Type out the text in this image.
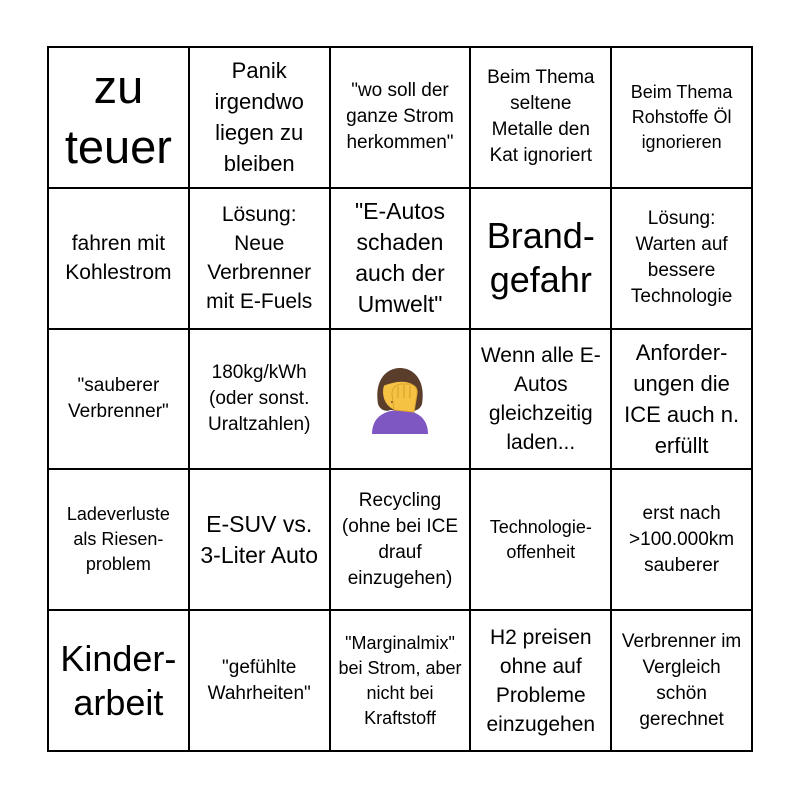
zu teuer
Panik irgendwo liegen zu bleiben
"wo soll der ganze Strom herkommen"
Beim Thema seltene Metalle den Kat ignoriert
Beim Thema Rohstoffe Öl ignorieren
fahren mit Kohlestrom
Lösung: Neue Verbrenner mit E-Fuels
"E-Autos schaden auch der Umwelt"
Brand-gefahr
Lösung: Warten auf bessere Technologie
"sauberer Verbrenner"
180kg/kWh (oder sonst. Uraltzahlen)
Wenn alle E-Autos gleichzeitig laden...
Anforder-ungen die ICE auch n. erfüllt
Ladeverluste als Riesen-problem
E-SUV vs. 3-Liter Auto
Recycling (ohne bei ICE drauf einzugehen)
Technologie-offenheit
erst nach >100.000km sauberer
Kinder-arbeit
"gefühlte Wahrheiten"
"Marginalmix" bei Strom, aber nicht bei Kraftstoff
H2 preisen ohne auf Probleme einzugehen
Verbrenner im Vergleich schön gerechnet
